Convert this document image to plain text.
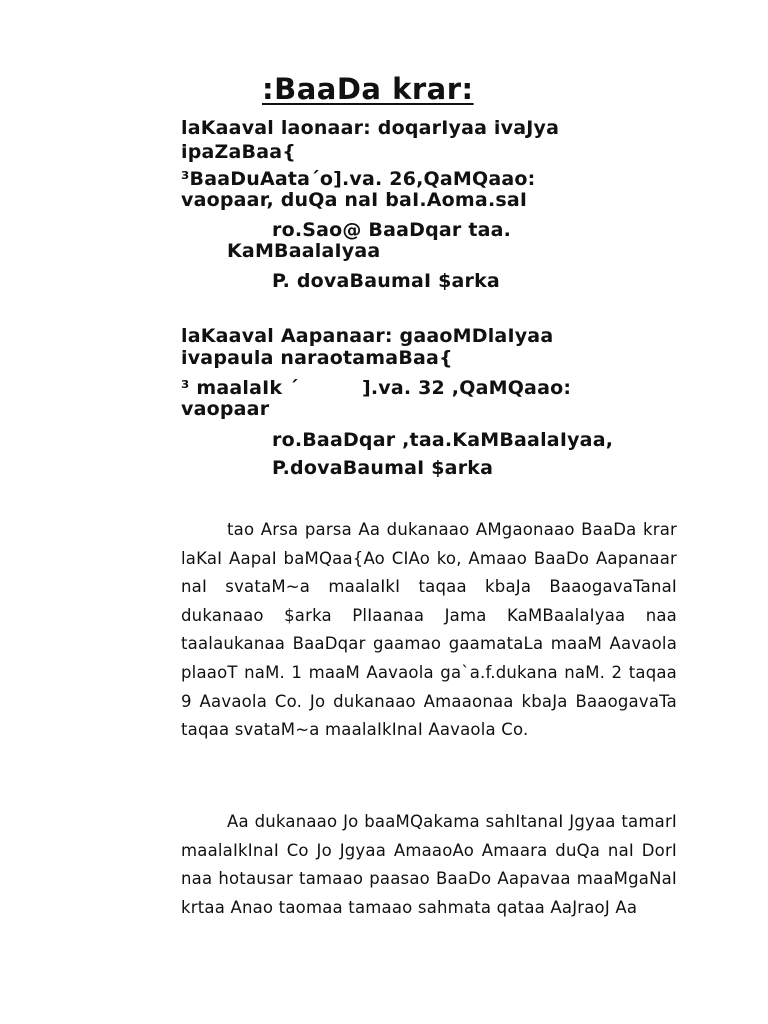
:BaaDa krar:
laKaaval laonaar: doqarIyaa ivaJya
ipaZaBaa{
³BaaDuAata´o].va. 26,QaMQaao:
vaopaar, duQa naI baI.Aoma.saI
ro.Sao@ BaaDqar taa.
KaMBaalaIyaa
P. dovaBaumaI $arka
laKaaval Aapanaar: gaaoMDlaIyaa
ivapaula naraotamaBaa{
³ maalaIk ´	].va. 32 ,QaMQaao:
vaopaar
ro.BaaDqar ,taa.KaMBaalaIyaa,
P.dovaBaumaI $arka

tao Arsa parsa Aa dukanaao AMgaonaao BaaDa krar laKaI AapaI baMQaa{Ao CIAo ko, Amaao BaaDo Aapanaar naI svataM~a maalaIkI taqaa kbaJa BaaogavaTanaI dukanaao $arka PlIaanaa Jama KaMBaalaIyaa naa taalaukanaa BaaDqar gaamao gaamataLa maaM Aavaola plaaoT naM. 1 maaM Aavaola ga`a.f.dukana naM. 2 taqaa 9 Aavaola Co. Jo dukanaao Amaaonaa kbaJa BaaogavaTa taqaa svataM~a maalaIkInaI Aavaola Co.

Aa dukanaao Jo baaMQakama sahItanaI Jgyaa tamarI maalaIkInaI Co Jo Jgyaa AmaaoAo Amaara duQa naI DorI naa hotausar tamaao paasao BaaDo Aapavaa maaMgaNaI krtaa Anao taomaa tamaao sahmata qataa AaJraoJ Aa
